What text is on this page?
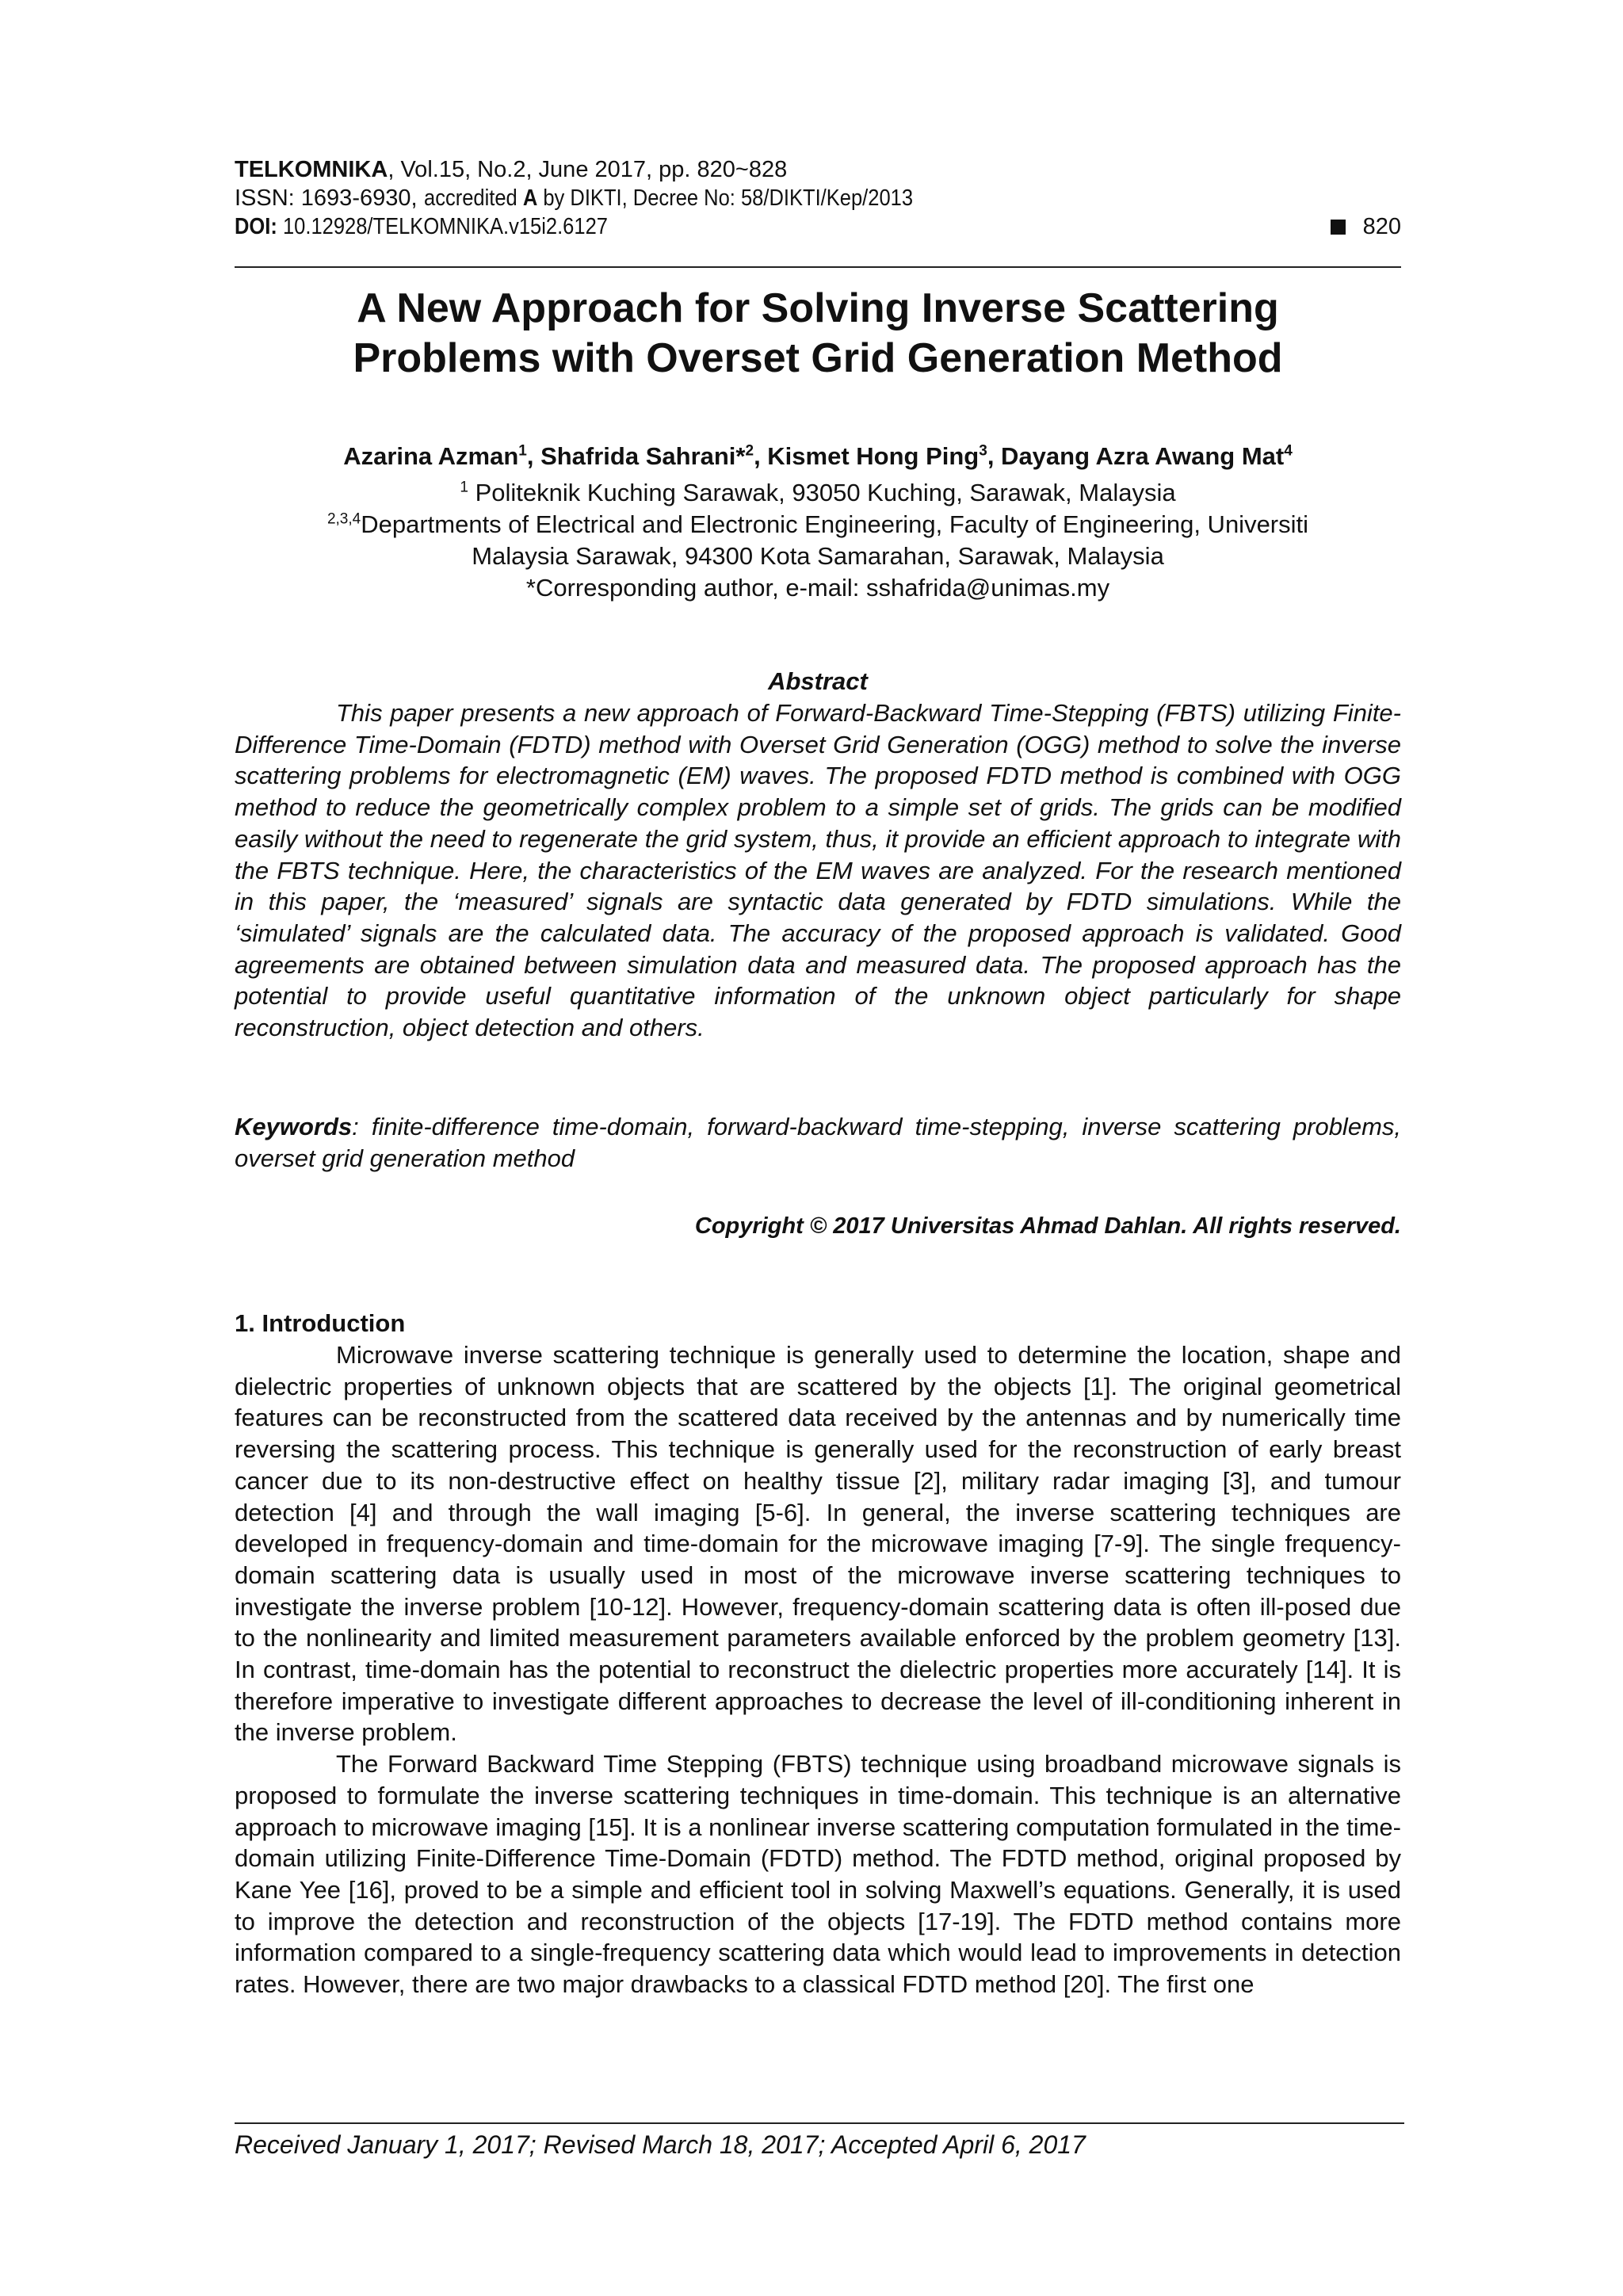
TELKOMNIKA, Vol.15, No.2, June 2017, pp. 820~828
ISSN: 1693-6930, accredited A by DIKTI, Decree No: 58/DIKTI/Kep/2013
DOI: 10.12928/TELKOMNIKA.v15i2.6127	820
A New Approach for Solving Inverse Scattering
Problems with Overset Grid Generation Method
Azarina Azman$^1$, Shafrida Sahrani*$^2$, Kismet Hong Ping$^3$, Dayang Azra Awang Mat$^4$
$^1$ Politeknik Kuching Sarawak, 93050 Kuching, Sarawak, Malaysia
$^{2,3,4}$Departments of Electrical and Electronic Engineering, Faculty of Engineering, Universiti
Malaysia Sarawak, 94300 Kota Samarahan, Sarawak, Malaysia
*Corresponding author, e-mail: sshafrida@unimas.my
Abstract
This paper presents a new approach of Forward-Backward Time-Stepping (FBTS) utilizing Finite-Difference Time-Domain (FDTD) method with Overset Grid Generation (OGG) method to solve the inverse scattering problems for electromagnetic (EM) waves. The proposed FDTD method is combined with OGG method to reduce the geometrically complex problem to a simple set of grids. The grids can be modified easily without the need to regenerate the grid system, thus, it provide an efficient approach to integrate with the FBTS technique. Here, the characteristics of the EM waves are analyzed. For the research mentioned in this paper, the ‘measured’ signals are syntactic data generated by FDTD simulations. While the ‘simulated’ signals are the calculated data. The accuracy of the proposed approach is validated. Good agreements are obtained between simulation data and measured data. The proposed approach has the potential to provide useful quantitative information of the unknown object particularly for shape reconstruction, object detection and others.
Keywords: finite-difference time-domain, forward-backward time-stepping, inverse scattering problems, overset grid generation method
Copyright © 2017 Universitas Ahmad Dahlan. All rights reserved.
1. Introduction

Microwave inverse scattering technique is generally used to determine the location, shape and dielectric properties of unknown objects that are scattered by the objects [1]. The original geometrical features can be reconstructed from the scattered data received by the antennas and by numerically time reversing the scattering process. This technique is generally used for the reconstruction of early breast cancer due to its non-destructive effect on healthy tissue [2], military radar imaging [3], and tumour detection [4] and through the wall imaging [5-6]. In general, the inverse scattering techniques are developed in frequency-domain and time-domain for the microwave imaging [7-9]. The single frequency-domain scattering data is usually used in most of the microwave inverse scattering techniques to investigate the inverse problem [10-12]. However, frequency-domain scattering data is often ill-posed due to the nonlinearity and limited measurement parameters available enforced by the problem geometry [13]. In contrast, time-domain has the potential to reconstruct the dielectric properties more accurately [14]. It is therefore imperative to investigate different approaches to decrease the level of ill-conditioning inherent in the inverse problem.

The Forward Backward Time Stepping (FBTS) technique using broadband microwave signals is proposed to formulate the inverse scattering techniques in time-domain. This technique is an alternative approach to microwave imaging [15]. It is a nonlinear inverse scattering computation formulated in the time-domain utilizing Finite-Difference Time-Domain (FDTD) method. The FDTD method, original proposed by Kane Yee [16], proved to be a simple and efficient tool in solving Maxwell’s equations. Generally, it is used to improve the detection and reconstruction of the objects [17-19]. The FDTD method contains more information compared to a single-frequency scattering data which would lead to improvements in detection rates. However, there are two major drawbacks to a classical FDTD method [20]. The first one

Received January 1, 2017; Revised March 18, 2017; Accepted April 6, 2017
